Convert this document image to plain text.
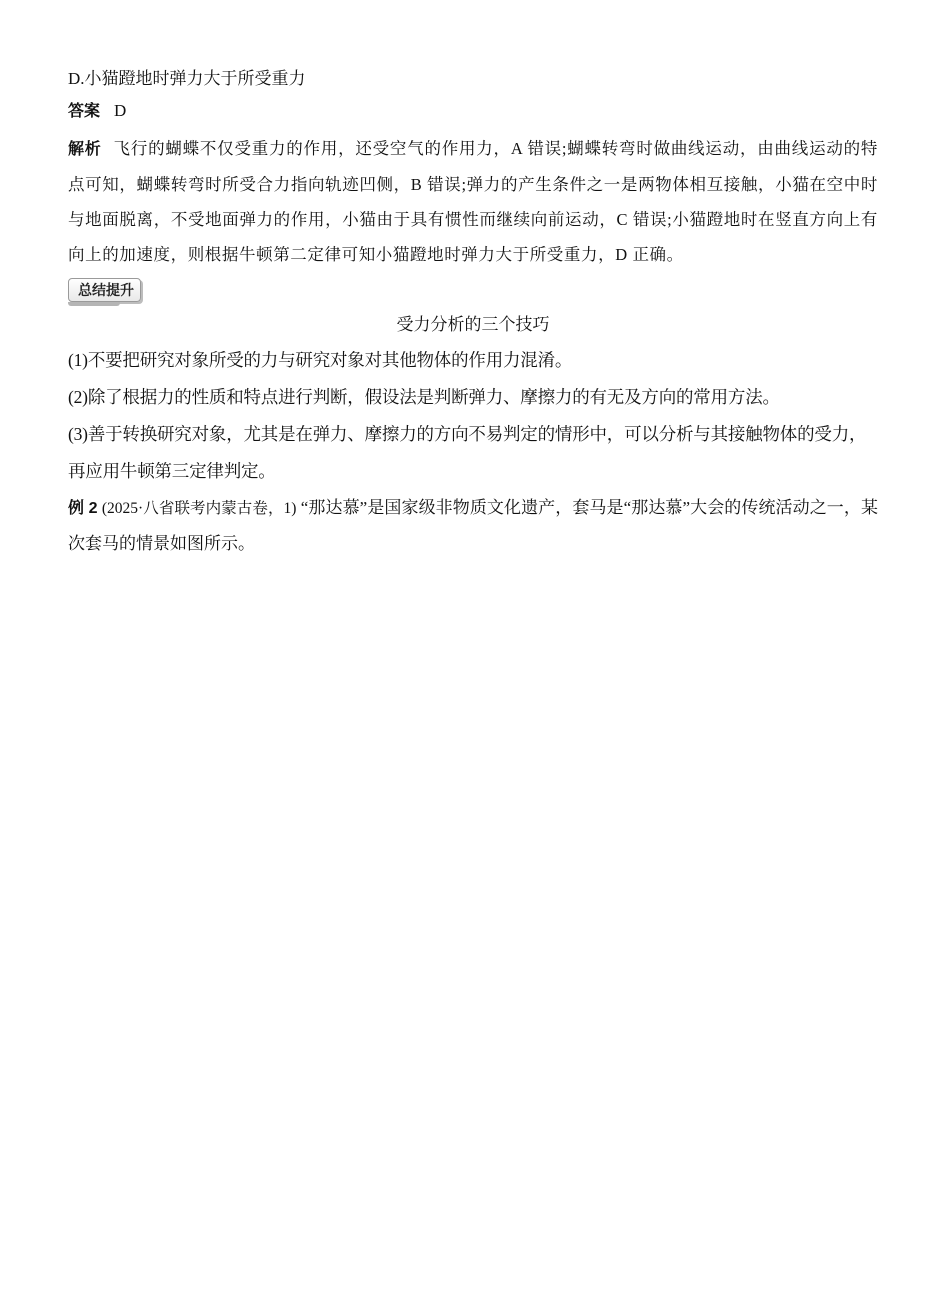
D.小猫蹬地时弹力大于所受重力

答案 D

解析 飞行的蝴蝶不仅受重力的作用，还受空气的作用力，A 错误;蝴蝶转弯时做曲线运动，由曲线运动的特点可知，蝴蝶转弯时所受合力指向轨迹凹侧，B 错误;弹力的产生条件之一是两物体相互接触，小猫在空中时与地面脱离，不受地面弹力的作用，小猫由于具有惯性而继续向前运动，C 错误;小猫蹬地时在竖直方向上有向上的加速度，则根据牛顿第二定律可知小猫蹬地时弹力大于所受重力，D 正确。

总结提升
受力分析的三个技巧

(1)不要把研究对象所受的力与研究对象对其他物体的作用力混淆。

(2)除了根据力的性质和特点进行判断，假设法是判断弹力、摩擦力的有无及方向的常用方法。

(3)善于转换研究对象，尤其是在弹力、摩擦力的方向不易判定的情形中，可以分析与其接触物体的受力，再应用牛顿第三定律判定。

例 2 (2025·八省联考内蒙古卷，1) “那达慕”是国家级非物质文化遗产，套马是“那达慕”大会的传统活动之一，某次套马的情景如图所示。
